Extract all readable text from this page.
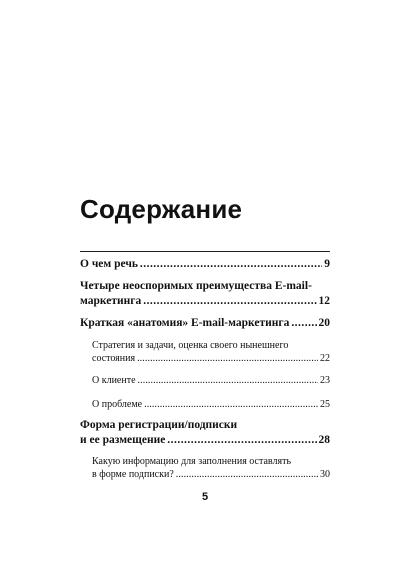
Содержание
О чем речь . . .	9
Четыре неоспоримых преимущества E-mail-
маркетинга . . .	12
Краткая «анатомия» E-mail-маркетинга . . .	20
Стратегия и задачи, оценка своего нынешнего
состояния . . .	22
О клиенте . . .	23
О проблеме . . .	25
Форма регистрации/подписки
и ее размещение . . .	28
Какую информацию для заполнения оставлять
в форме подписки? . . .	30
5
